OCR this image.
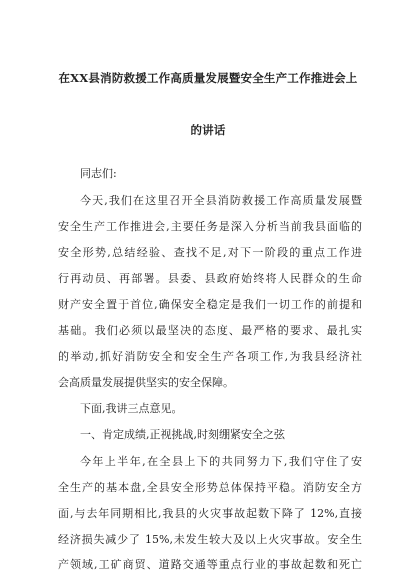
在XX县消防救援工作高质量发展暨安全生产工作推进会上
的讲话
同志们:
今天,我们在这里召开全县消防救援工作高质量发展暨
安全生产工作推进会,主要任务是深入分析当前我县面临的
安全形势,总结经验、查找不足,对下一阶段的重点工作进
行再动员、再部署。县委、县政府始终将人民群众的生命
财产安全置于首位,确保安全稳定是我们一切工作的前提和
基础。我们必须以最坚决的态度、最严格的要求、最扎实
的举动,抓好消防安全和安全生产各项工作,为我县经济社
会高质量发展提供坚实的安全保障。
下面,我讲三点意见。
一、肯定成绩,正视挑战,时刻绷紧安全之弦
今年上半年,在全县上下的共同努力下,我们守住了安
全生产的基本盘,全县安全形势总体保持平稳。消防安全方
面,与去年同期相比,我县的火灾事故起数下降了 12%,直接
经济损失减少了 15%,未发生较大及以上火灾事故。安全生
产领域,工矿商贸、道路交通等重点行业的事故起数和死亡
